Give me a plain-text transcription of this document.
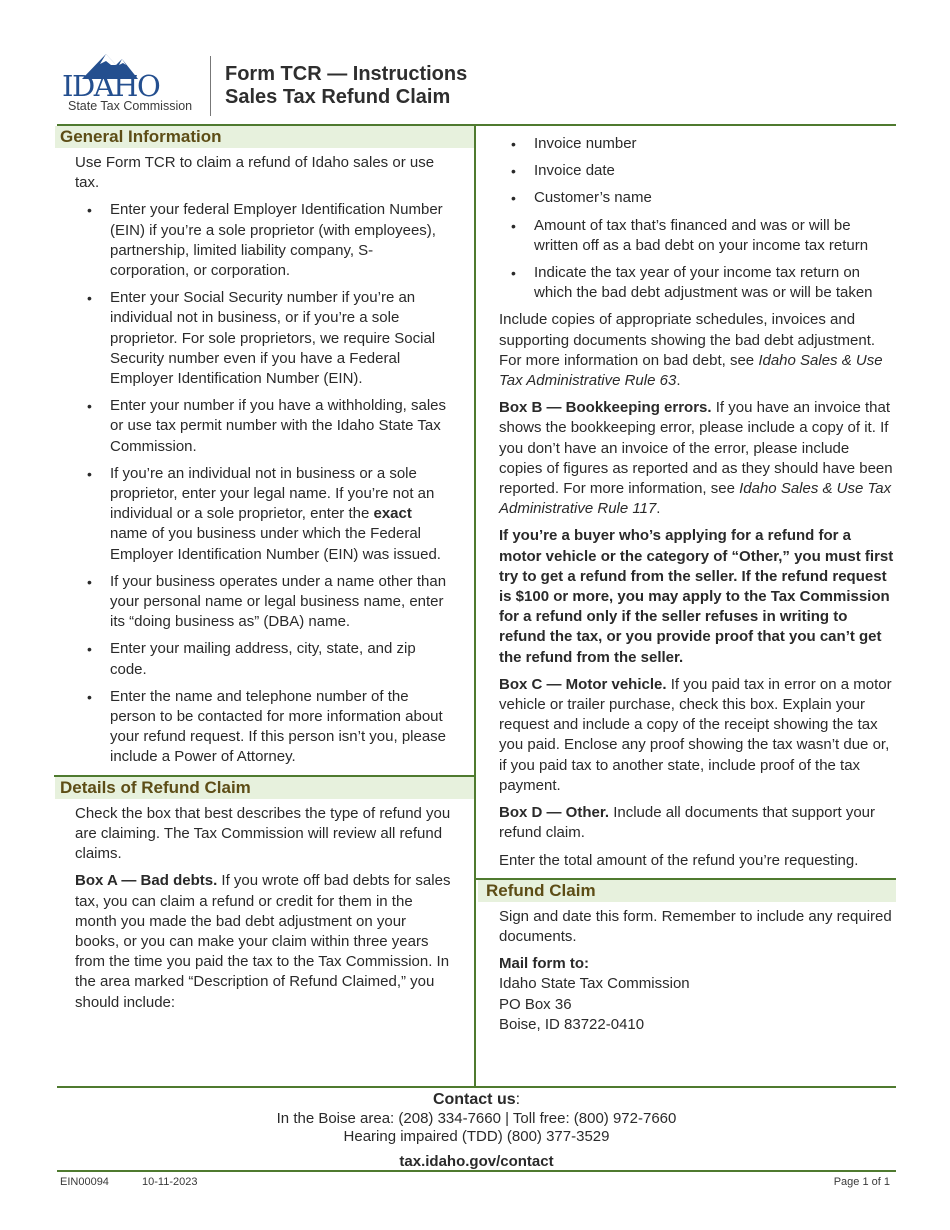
IDAHO
State Tax Commission
Form TCR — Instructions
Sales Tax Refund Claim
General Information

Use Form TCR to claim a refund of Idaho sales or use tax.

• Enter your federal Employer Identification Number (EIN) if you’re a sole proprietor (with employees), partnership, limited liability company, S-corporation, or corporation.
• Enter your Social Security number if you’re an individual not in business, or if you’re a sole proprietor. For sole proprietors, we require Social Security number even if you have a Federal Employer Identification Number (EIN).
• Enter your number if you have a withholding, sales or use tax permit number with the Idaho State Tax Commission.
• If you’re an individual not in business or a sole proprietor, enter your legal name. If you’re not an individual or a sole proprietor, enter the exact name of you business under which the Federal Employer Identification Number (EIN) was issued.
• If your business operates under a name other than your personal name or legal business name, enter its “doing business as” (DBA) name.
• Enter your mailing address, city, state, and zip code.
• Enter the name and telephone number of the person to be contacted for more information about your refund request. If this person isn’t you, please include a Power of Attorney.
Details of Refund Claim

Check the box that best describes the type of refund you are claiming. The Tax Commission will review all refund claims.

Box A — Bad debts. If you wrote off bad debts for sales tax, you can claim a refund or credit for them in the month you made the bad debt adjustment on your books, or you can make your claim within three years from the time you paid the tax to the Tax Commission. In the area marked “Description of Refund Claimed,” you should include:

• Invoice number
• Invoice date
• Customer’s name
• Amount of tax that’s financed and was or will be written off as a bad debt on your income tax return
• Indicate the tax year of your income tax return on which the bad debt adjustment was or will be taken

Include copies of appropriate schedules, invoices and supporting documents showing the bad debt adjustment. For more information on bad debt, see Idaho Sales & Use Tax Administrative Rule 63.

Box B — Bookkeeping errors. If you have an invoice that shows the bookkeeping error, please include a copy of it. If you don’t have an invoice of the error, please include copies of figures as reported and as they should have been reported. For more information, see Idaho Sales & Use Tax Administrative Rule 117.

If you’re a buyer who’s applying for a refund for a motor vehicle or the category of “Other,” you must first try to get a refund from the seller. If the refund request is $100 or more, you may apply to the Tax Commission for a refund only if the seller refuses in writing to refund the tax, or you provide proof that you can’t get the refund from the seller.

Box C — Motor vehicle. If you paid tax in error on a motor vehicle or trailer purchase, check this box. Explain your request and include a copy of the receipt showing the tax you paid. Enclose any proof showing the tax wasn’t due or, if you paid tax to another state, include proof of the tax payment.

Box D — Other. Include all documents that support your refund claim.

Enter the total amount of the refund you’re requesting.

Refund Claim

Sign and date this form. Remember to include any required documents.

Mail form to:

Idaho State Tax Commission

PO Box 36

Boise, ID 83722-0410

Contact us:
In the Boise area: (208) 334-7660 | Toll free: (800) 972-7660
Hearing impaired (TDD) (800) 377-3529
tax.idaho.gov/contact
EIN00094	10-11-2023	Page 1 of 1
